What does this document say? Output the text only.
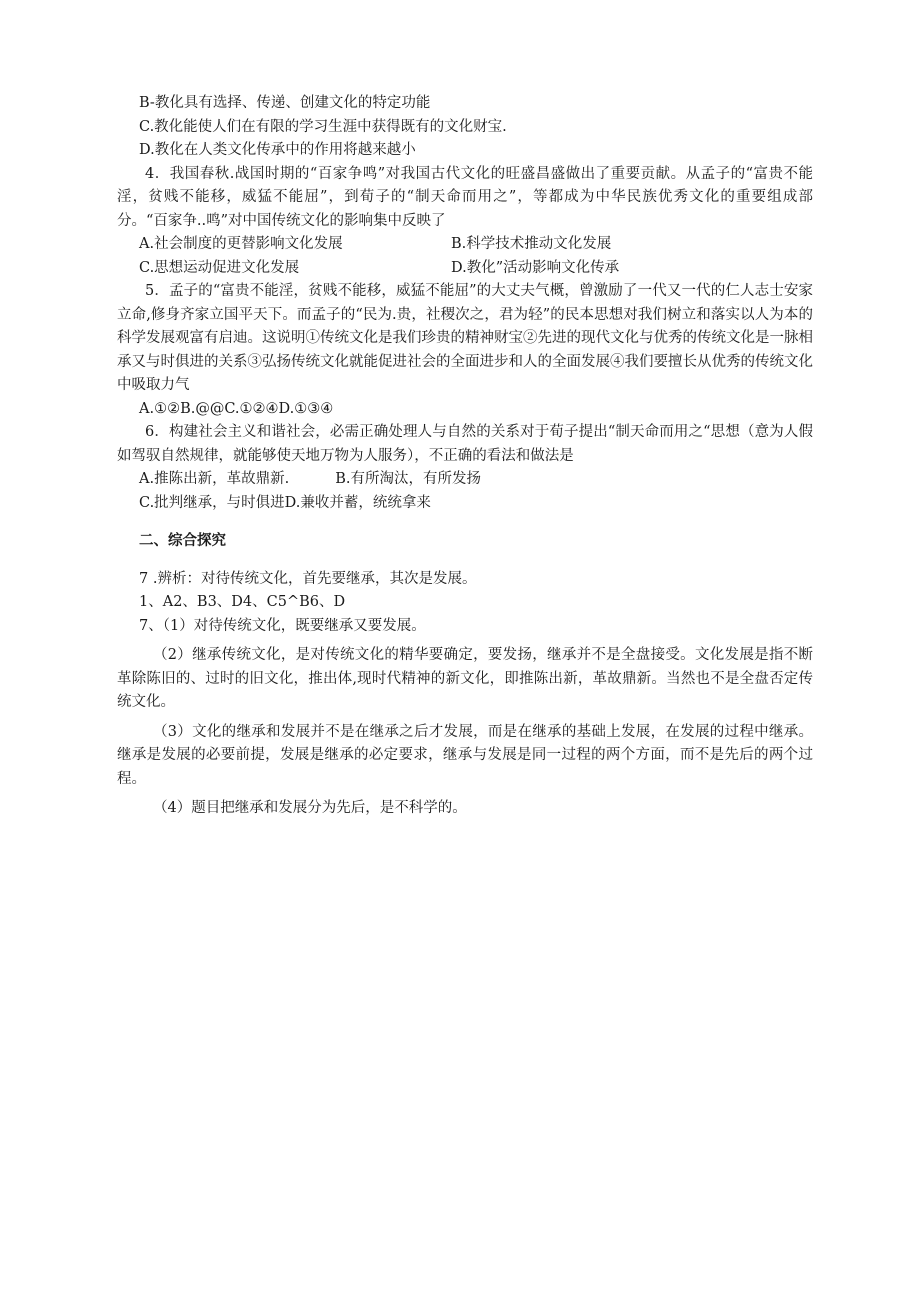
B-教化具有选择、传递、创建文化的特定功能

C.教化能使人们在有限的学习生涯中获得既有的文化财宝.

D.教化在人类文化传承中的作用将越来越小

4．我国春秋.战国时期的“百家争鸣”对我国古代文化的旺盛昌盛做出了重要贡献。从孟子的“富贵不能淫，贫贱不能移，威猛不能屈”，到荀子的“制天命而用之”，等都成为中华民族优秀文化的重要组成部分。“百家争..鸣”对中国传统文化的影响集中反映了

A.社会制度的更替影响文化发展	B.科学技术推动文化发展
C.思想运动促进文化发展	D.教化”活动影响文化传承

5．孟子的“富贵不能淫，贫贱不能移，威猛不能屈”的大丈夫气概，曾激励了一代又一代的仁人志士安家立命,修身齐家立国平天下。而孟子的“民为.贵，社稷次之，君为轻”的民本思想对我们树立和落实以人为本的科学发展观富有启迪。这说明①传统文化是我们珍贵的精神财宝②先进的现代文化与优秀的传统文化是一脉相承又与时俱进的关系③弘扬传统文化就能促进社会的全面进步和人的全面发展④我们要擅长从优秀的传统文化中吸取力气

A.①②B.@@C.①②④D.①③④

6．构建社会主义和谐社会，必需正确处理人与自然的关系对于荀子提出“制天命而用之“思想（意为人假如驾驭自然规律，就能够使天地万物为人服务），不正确的看法和做法是

A.推陈出新，革故鼎新.          B.有所淘汰，有所发扬

C.批判继承，与时俱进D.兼收并蓄，统统拿来

二、综合探究

7 .辨析：对待传统文化，首先要继承，其次是发展。

1、A2、B3、D4、C5^B6、D

7、（1）对待传统文化，既要继承又要发展。

（2）继承传统文化，是对传统文化的精华要确定，要发扬，继承并不是全盘接受。文化发展是指不断革除陈旧的、过时的旧文化，推出体,现时代精神的新文化，即推陈出新，革故鼎新。当然也不是全盘否定传统文化。

（3）文化的继承和发展并不是在继承之后才发展，而是在继承的基础上发展，在发展的过程中继承。继承是发展的必要前提，发展是继承的必定要求，继承与发展是同一过程的两个方面，而不是先后的两个过程。

（4）题目把继承和发展分为先后，是不科学的。
